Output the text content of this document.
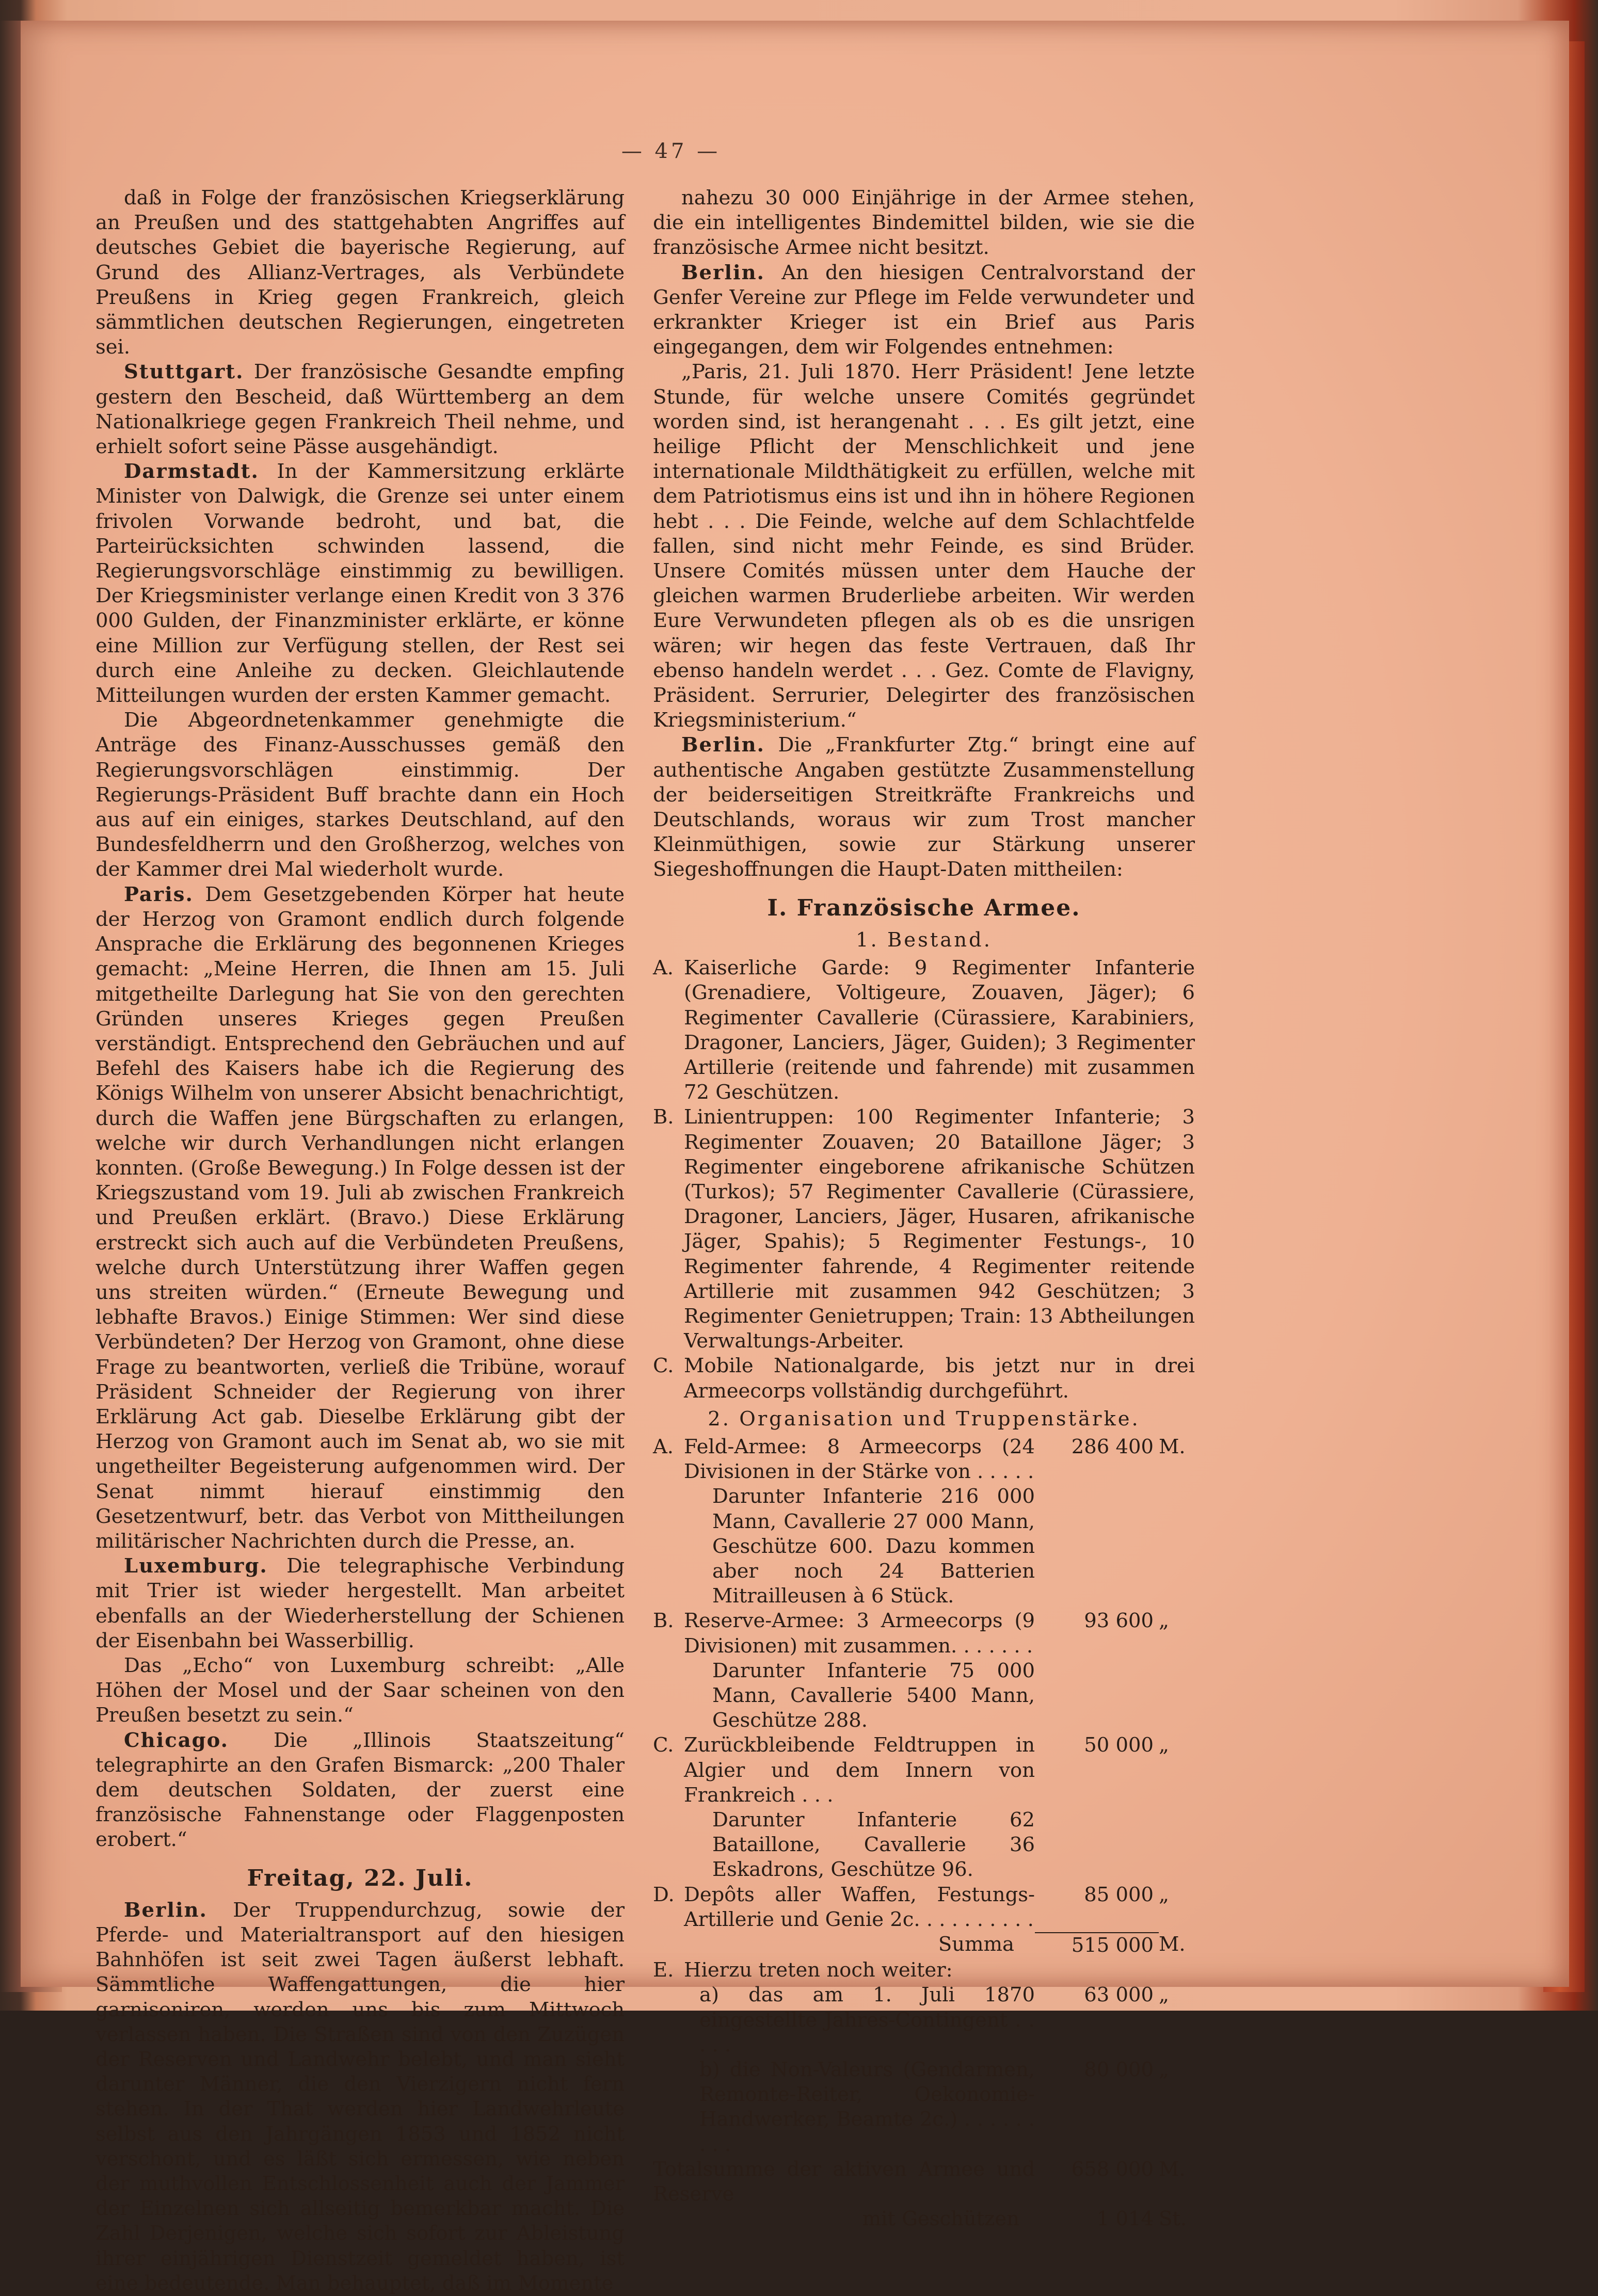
— 47 —

daß in Folge der französischen Kriegserklärung an Preußen und des stattgehabten Angriffes auf deutsches Gebiet die bayerische Regierung, auf Grund des Allianz-Vertrages, als Verbündete Preußens in Krieg gegen Frankreich, gleich sämmtlichen deutschen Regierungen, eingetreten sei.

Stuttgart. Der französische Gesandte empfing gestern den Bescheid, daß Württemberg an dem Nationalkriege gegen Frankreich Theil nehme, und erhielt sofort seine Pässe ausgehändigt.

Darmstadt. In der Kammersitzung erklärte Minister von Dalwigk, die Grenze sei unter einem frivolen Vorwande bedroht, und bat, die Parteirücksichten schwinden lassend, die Regierungsvorschläge einstimmig zu bewilligen. Der Kriegsminister verlange einen Kredit von 3 376 000 Gulden, der Finanzminister erklärte, er könne eine Million zur Verfügung stellen, der Rest sei durch eine Anleihe zu decken. Gleichlautende Mitteilungen wurden der ersten Kammer gemacht.

Die Abgeordnetenkammer genehmigte die Anträge des Finanz-Ausschusses gemäß den Regierungsvorschlägen einstimmig. Der Regierungs-Präsident Buff brachte dann ein Hoch aus auf ein einiges, starkes Deutschland, auf den Bundesfeldherrn und den Großherzog, welches von der Kammer drei Mal wiederholt wurde.

Paris. Dem Gesetzgebenden Körper hat heute der Herzog von Gramont endlich durch folgende Ansprache die Erklärung des begonnenen Krieges gemacht: „Meine Herren, die Ihnen am 15. Juli mitgetheilte Darlegung hat Sie von den gerechten Gründen unseres Krieges gegen Preußen verständigt. Entsprechend den Gebräuchen und auf Befehl des Kaisers habe ich die Regierung des Königs Wilhelm von unserer Absicht benachrichtigt, durch die Waffen jene Bürgschaften zu erlangen, welche wir durch Verhandlungen nicht erlangen konnten. (Große Bewegung.) In Folge dessen ist der Kriegszustand vom 19. Juli ab zwischen Frankreich und Preußen erklärt. (Bravo.) Diese Erklärung erstreckt sich auch auf die Verbündeten Preußens, welche durch Unterstützung ihrer Waffen gegen uns streiten würden.“ (Erneute Bewegung und lebhafte Bravos.) Einige Stimmen: Wer sind diese Verbündeten? Der Herzog von Gramont, ohne diese Frage zu beantworten, verließ die Tribüne, worauf Präsident Schneider der Regierung von ihrer Erklärung Act gab. Dieselbe Erklärung gibt der Herzog von Gramont auch im Senat ab, wo sie mit ungetheilter Begeisterung aufgenommen wird. Der Senat nimmt hierauf einstimmig den Gesetzentwurf, betr. das Verbot von Mittheilungen militärischer Nachrichten durch die Presse, an.

Luxemburg. Die telegraphische Verbindung mit Trier ist wieder hergestellt. Man arbeitet ebenfalls an der Wiederherstellung der Schienen der Eisenbahn bei Wasserbillig.

Das „Echo“ von Luxemburg schreibt: „Alle Höhen der Mosel und der Saar scheinen von den Preußen besetzt zu sein.“

Chicago. Die „Illinois Staatszeitung“ telegraphirte an den Grafen Bismarck: „200 Thaler dem deutschen Soldaten, der zuerst eine französische Fahnenstange oder Flaggenposten erobert.“

Freitag, 22. Juli.

Berlin. Der Truppendurchzug, sowie der Pferde- und Materialtransport auf den hiesigen Bahnhöfen ist seit zwei Tagen äußerst lebhaft. Sämmtliche Waffengattungen, die hier garnisoniren, werden uns bis zum Mittwoch verlassen haben. Die Straßen sind von den Zuzügen der Reserven und Landwehr belebt, und man sieht darunter Männer, die den Vierzigern nicht fern stehen. In der That werden hier Landwehrleute selbst aus den Jahrgängen 1853 und 1852 nicht verschont, und es läßt sich ermessen, wie neben der muthvollen Entschlossenheit auch der Jammer der Einzelnen sich allseitig bemerkbar macht. Die Zahl Derjenigen, welche sich sofort zur Ableistung ihrer einjährigen Dienstzeit gemeldet haben, ist eine bedeutende. Man behauptet, daß im Momente

nahezu 30 000 Einjährige in der Armee stehen, die ein intelligentes Bindemittel bilden, wie sie die französische Armee nicht besitzt.

Berlin. An den hiesigen Centralvorstand der Genfer Vereine zur Pflege im Felde verwundeter und erkrankter Krieger ist ein Brief aus Paris eingegangen, dem wir Folgendes entnehmen:

„Paris, 21. Juli 1870. Herr Präsident! Jene letzte Stunde, für welche unsere Comités gegründet worden sind, ist herangenaht . . . Es gilt jetzt, eine heilige Pflicht der Menschlichkeit und jene internationale Mildthätigkeit zu erfüllen, welche mit dem Patriotismus eins ist und ihn in höhere Regionen hebt . . . Die Feinde, welche auf dem Schlachtfelde fallen, sind nicht mehr Feinde, es sind Brüder. Unsere Comités müssen unter dem Hauche der gleichen warmen Bruderliebe arbeiten. Wir werden Eure Verwundeten pflegen als ob es die unsrigen wären; wir hegen das feste Vertrauen, daß Ihr ebenso handeln werdet . . . Gez. Comte de Flavigny, Präsident. Serrurier, Delegirter des französischen Kriegsministerium.“

Berlin. Die „Frankfurter Ztg.“ bringt eine auf authentische Angaben gestützte Zusammenstellung der beiderseitigen Streitkräfte Frankreichs und Deutschlands, woraus wir zum Trost mancher Kleinmüthigen, sowie zur Stärkung unserer Siegeshoffnungen die Haupt-Daten mittheilen:

I. Französische Armee.
1. Bestand.
A. Kaiserliche Garde: 9 Regimenter Infanterie (Grenadiere, Voltigeure, Zouaven, Jäger); 6 Regimenter Cavallerie (Cürassiere, Karabiniers, Dragoner, Lanciers, Jäger, Guiden); 3 Regimenter Artillerie (reitende und fahrende) mit zusammen 72 Geschützen.
B. Linientruppen: 100 Regimenter Infanterie; 3 Regimenter Zouaven; 20 Bataillone Jäger; 3 Regimenter eingeborene afrikanische Schützen (Turkos); 57 Regimenter Cavallerie (Cürassiere, Dragoner, Lanciers, Jäger, Husaren, afrikanische Jäger, Spahis); 5 Regimenter Festungs-, 10 Regimenter fahrende, 4 Regimenter reitende Artillerie mit zusammen 942 Geschützen; 3 Regimenter Genietruppen; Train: 13 Abtheilungen Verwaltungs-Arbeiter.
C. Mobile Nationalgarde, bis jetzt nur in drei Armeecorps vollständig durchgeführt.
2. Organisation und Truppenstärke.
A. Feld-Armee: 8 Armeecorps (24 Divisionen in der Stärke von . . . . .
286 400 M.
Darunter Infanterie 216 000 Mann, Cavallerie 27 000 Mann, Geschütze 600. Dazu kommen aber noch 24 Batterien Mitrailleusen à 6 Stück.
B. Reserve-Armee: 3 Armeecorps (9 Divisionen) mit zusammen. . . . . . .
93 600 „
Darunter Infanterie 75 000 Mann, Cavallerie 5400 Mann, Geschütze 288.
C. Zurückbleibende Feldtruppen in Algier und dem Innern von Frankreich . . .
50 000 „
Darunter Infanterie 62 Bataillone, Cavallerie 36 Eskadrons, Geschütze 96.
D. Depôts aller Waffen, Festungs-Artillerie und Genie 2c. . . . . . . . . .
85 000 „
Summa	515 000 M.
E. Hierzu treten noch weiter:
a) das am 1. Juli 1870 eingestellte Jahres-Contingent . . . . .
63 000 „
b) die Non-Valeurs (Gendarmen, Remonte-Reiter, Oekonomie-Handwerker, Beamte 2c.) . . . . . . . . .
80 000 „
Totalsumme der aktiven Armee und Reserve
658 000 M.
mit Geschützen	1 014 St.
